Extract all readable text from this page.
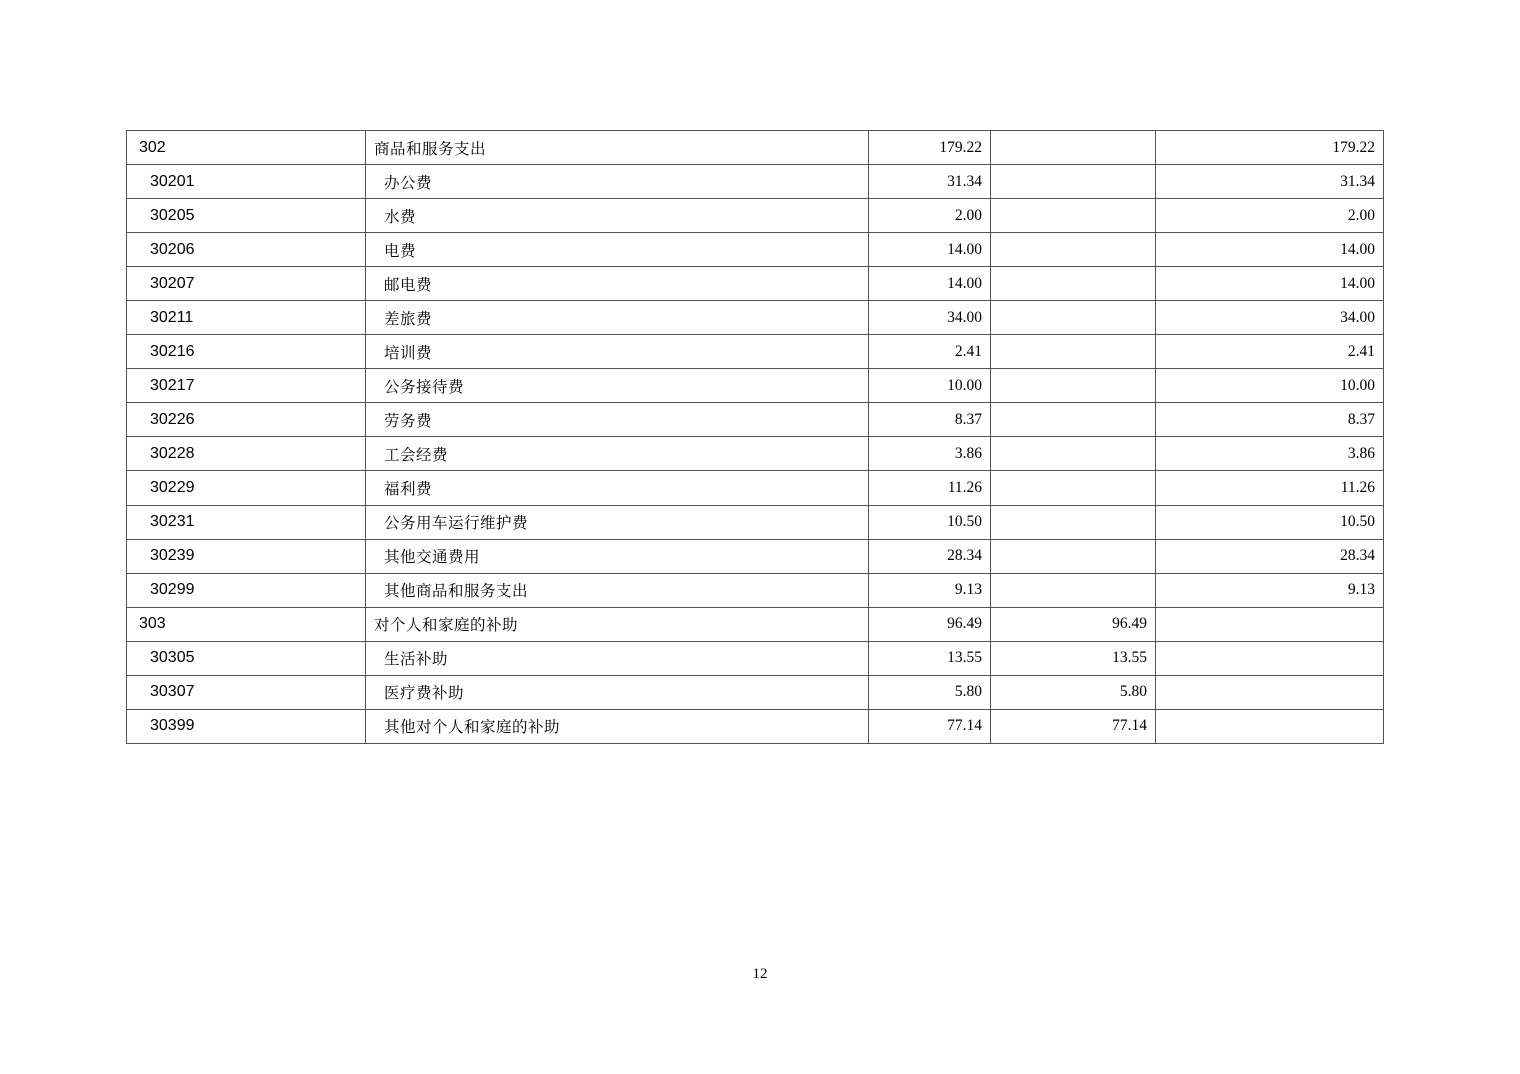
302	商品和服务支出	179.22		179.22
30201	办公费	31.34		31.34
30205	水费	2.00		2.00
30206	电费	14.00		14.00
30207	邮电费	14.00		14.00
30211	差旅费	34.00		34.00
30216	培训费	2.41		2.41
30217	公务接待费	10.00		10.00
30226	劳务费	8.37		8.37
30228	工会经费	3.86		3.86
30229	福利费	11.26		11.26
30231	公务用车运行维护费	10.50		10.50
30239	其他交通费用	28.34		28.34
30299	其他商品和服务支出	9.13		9.13
303	对个人和家庭的补助	96.49	96.49	
30305	生活补助	13.55	13.55	
30307	医疗费补助	5.80	5.80	
30399	其他对个人和家庭的补助	77.14	77.14	
12
